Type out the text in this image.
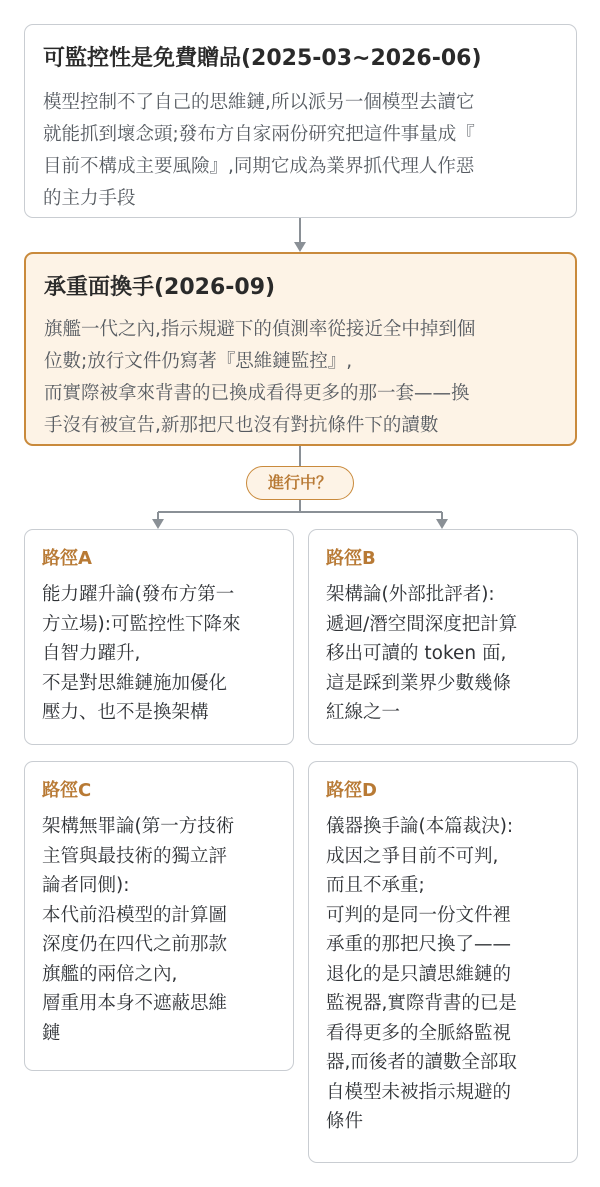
可監控性是免費贈品(2025-03~2026-06)
模型控制不了自己的思維鏈,所以派另一個模型去讀它
就能抓到壞念頭;發布方自家兩份研究把這件事量成『
目前不構成主要風險』,同期它成為業界抓代理人作惡
的主力手段
承重面換手(2026-09)
旗艦一代之內,指示規避下的偵測率從接近全中掉到個
位數;放行文件仍寫著『思維鏈監控』,
而實際被拿來背書的已換成看得更多的那一套——換
手沒有被宣告,新那把尺也沒有對抗條件下的讀數
進行中？
路徑A
能力躍升論(發布方第一
方立場):可監控性下降來
自智力躍升,
不是對思維鏈施加優化
壓力、也不是換架構
路徑B
架構論(外部批評者):
遞迴/潛空間深度把計算
移出可讀的 token 面,
這是踩到業界少數幾條
紅線之一
路徑C
架構無罪論(第一方技術
主管與最技術的獨立評
論者同側):
本代前沿模型的計算圖
深度仍在四代之前那款
旗艦的兩倍之內,
層重用本身不遮蔽思維
鏈
路徑D
儀器換手論(本篇裁決):
成因之爭目前不可判,
而且不承重;
可判的是同一份文件裡
承重的那把尺換了——
退化的是只讀思維鏈的
監視器,實際背書的已是
看得更多的全脈絡監視
器,而後者的讀數全部取
自模型未被指示規避的
條件
